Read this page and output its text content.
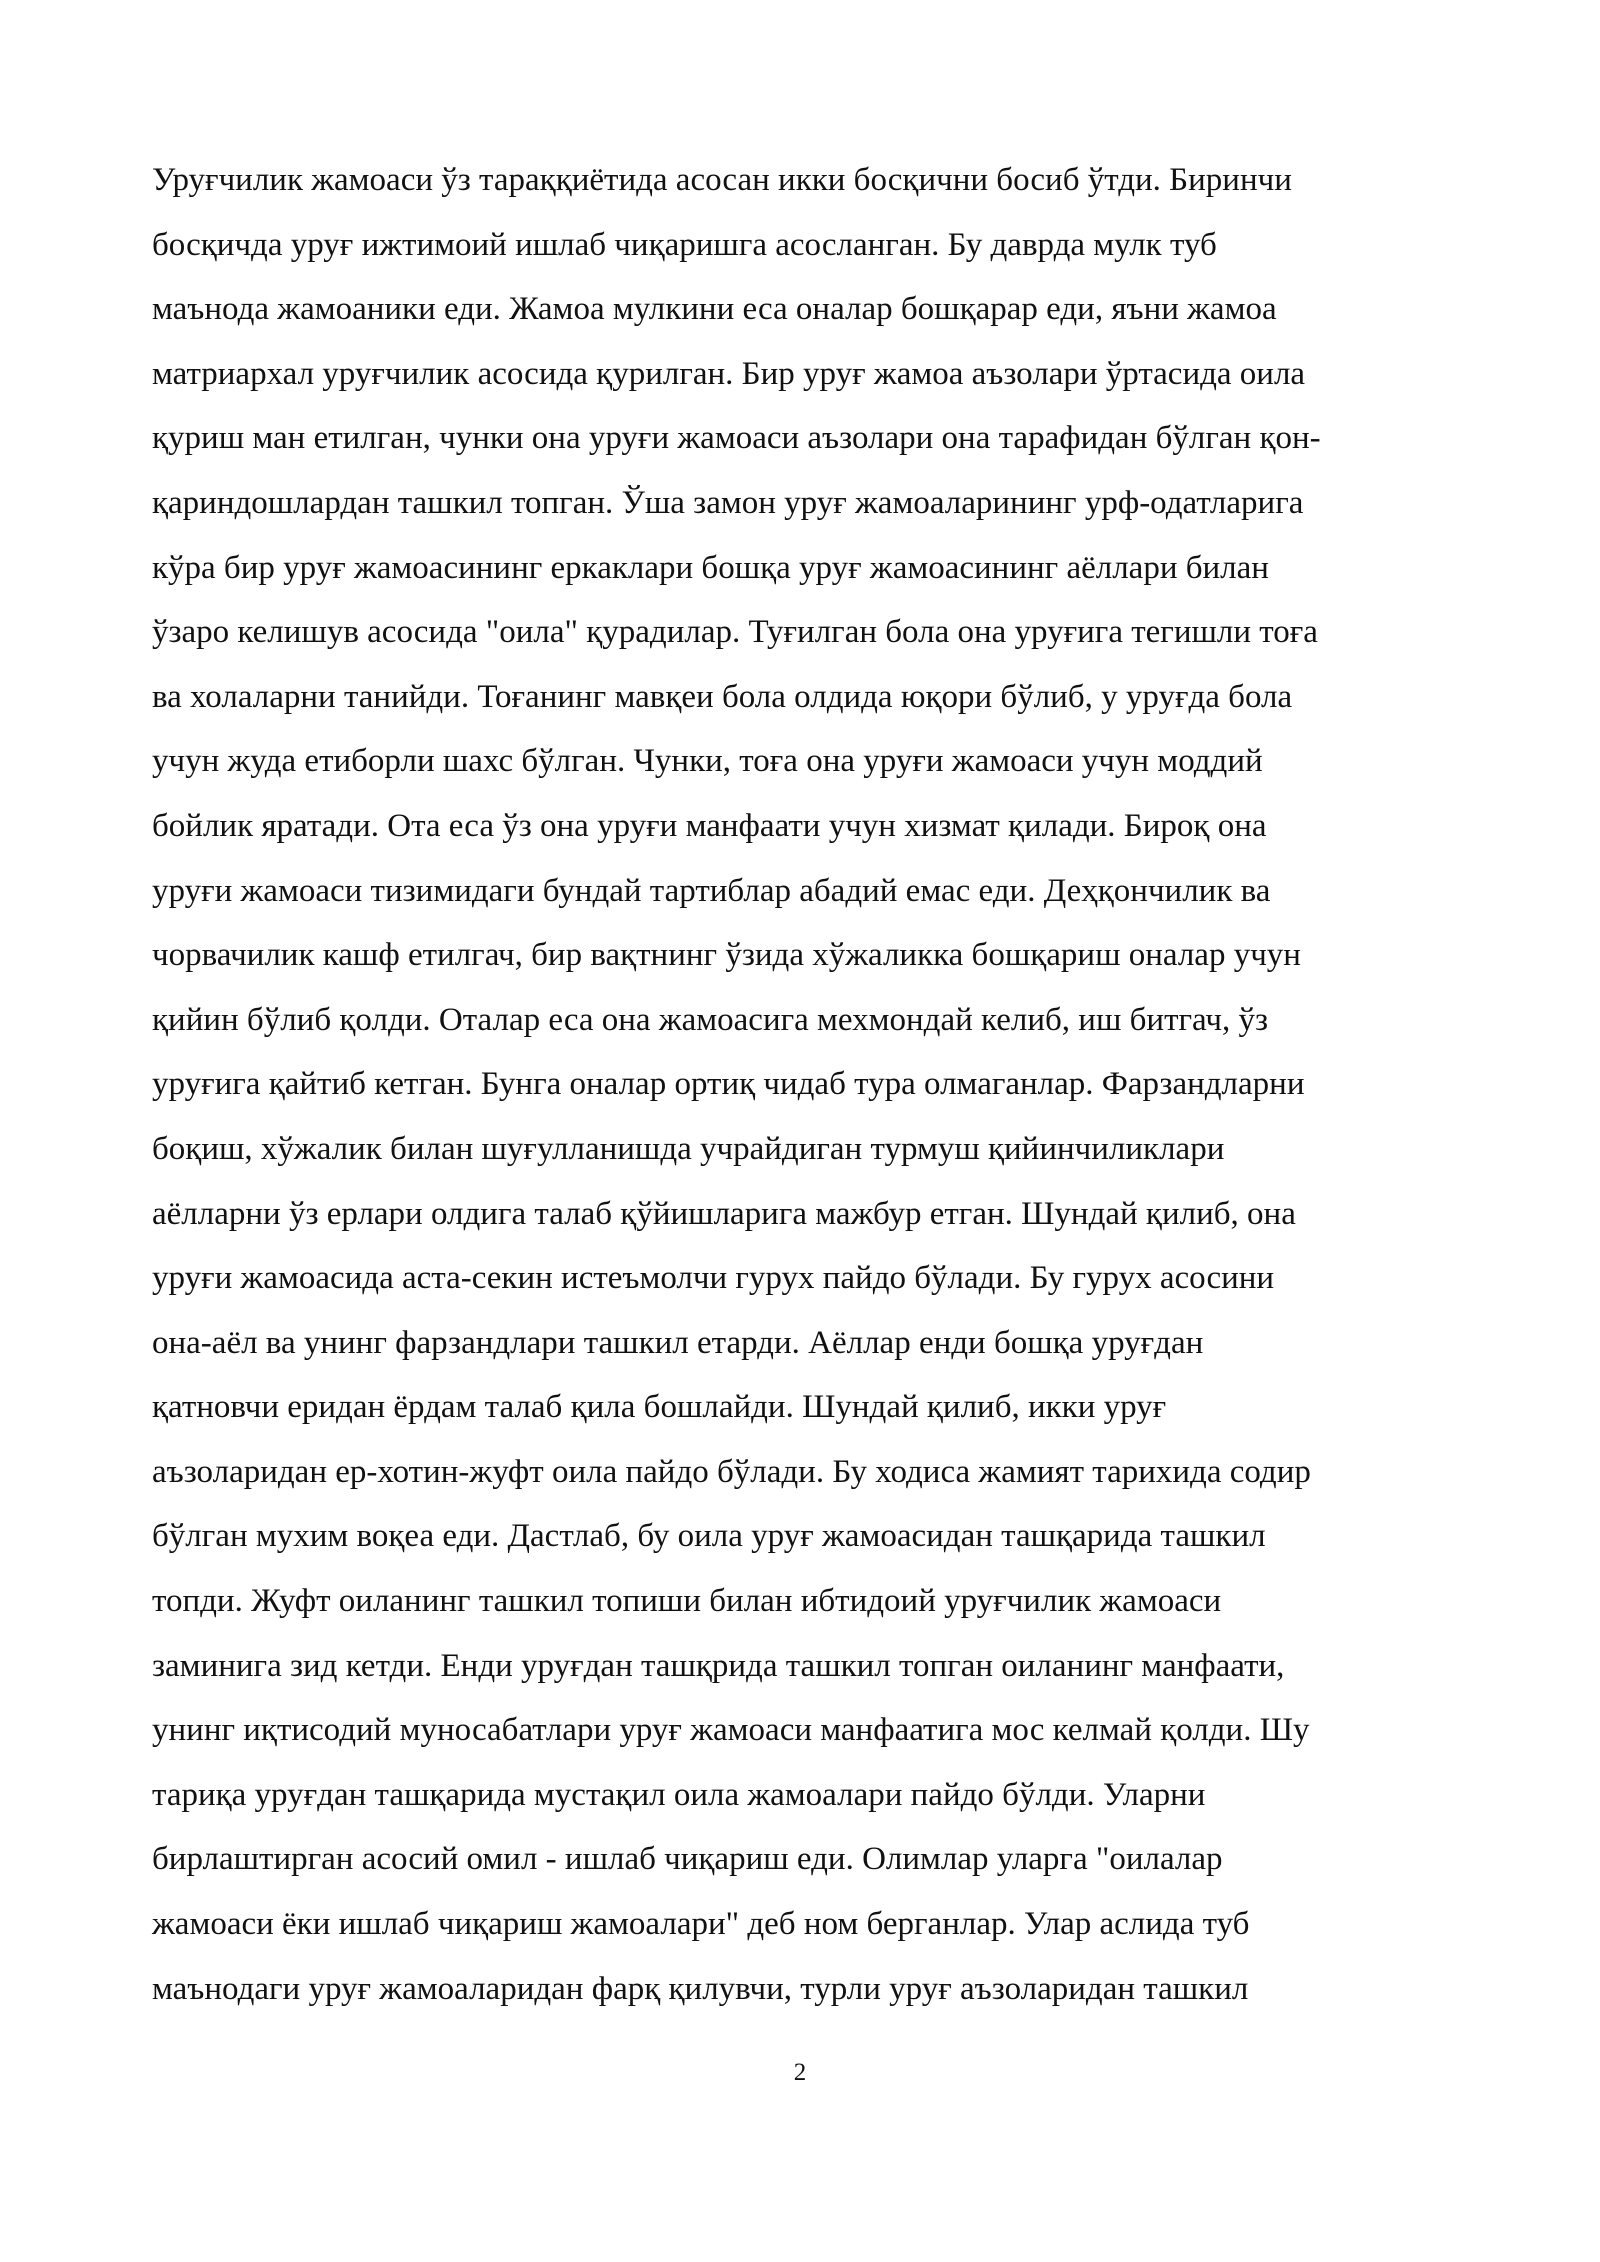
Уруғчилик жамоаси ўз тараққиётида асосан икки босқични босиб ўтди. Биринчи
босқичда уруғ ижтимоий ишлаб чиқаришга асосланган. Бу даврда мулк туб
маънода жамоаники еди. Жамоа мулкини еса оналар бошқарар еди, яъни жамоа
матриархал уруғчилик асосида қурилган. Бир уруғ жамоа аъзолари ўртасида оила
қуриш ман етилган, чунки она уруғи жамоаси аъзолари она тарафидан бўлган қон-
қариндошлардан ташкил топган. Ўша замон уруғ жамоаларининг урф-одатларига
кўра бир уруғ жамоасининг еркаклари бошқа уруғ жамоасининг аёллари билан
ўзаро келишув асосида "оила" қурадилар. Туғилган бола она уруғига тегишли тоға
ва холаларни танийди. Тоғанинг мавқеи бола олдида юқори бўлиб, у уруғда бола
учун жуда етиборли шахс бўлган. Чунки, тоға она уруғи жамоаси учун моддий
бойлик яратади. Ота еса ўз она уруғи манфаати учун хизмат қилади. Бироқ она
уруғи жамоаси тизимидаги бундай тартиблар абадий емас еди. Деҳқончилик ва
чорвачилик кашф етилгач, бир вақтнинг ўзида хўжаликка бошқариш оналар учун
қийин бўлиб қолди. Оталар еса она жамоасига мехмондай келиб, иш битгач, ўз
уруғига қайтиб кетган. Бунга оналар ортиқ чидаб тура олмаганлар. Фарзандларни
боқиш, хўжалик билан шуғулланишда учрайдиган турмуш қийинчиликлари
аёлларни ўз ерлари олдига талаб қўйишларига мажбур етган. Шундай қилиб, она
уруғи жамоасида аста-секин истеъмолчи гурух пайдо бўлади. Бу гурух асосини
она-аёл ва унинг фарзандлари ташкил етарди. Аёллар енди бошқа уруғдан
қатновчи еридан ёрдам талаб қила бошлайди. Шундай қилиб, икки уруғ
аъзоларидан ер-хотин-жуфт оила пайдо бўлади. Бу ходиса жамият тарихида содир
бўлган мухим воқеа еди. Дастлаб, бу оила уруғ жамоасидан ташқарида ташкил
топди. Жуфт оиланинг ташкил топиши билан ибтидоий уруғчилик жамоаси
заминига зид кетди. Енди уруғдан ташқрида ташкил топган оиланинг манфаати,
унинг иқтисодий муносабатлари уруғ жамоаси манфаатига мос келмай қолди. Шу
тариқа уруғдан ташқарида мустақил оила жамоалари пайдо бўлди. Уларни
бирлаштирган асосий омил - ишлаб чиқариш еди. Олимлар уларга "оилалар
жамоаси ёки ишлаб чиқариш жамоалари" деб ном берганлар. Улар аслида туб
маънодаги уруғ жамоаларидан фарқ қилувчи, турли уруғ аъзоларидан ташкил
2
